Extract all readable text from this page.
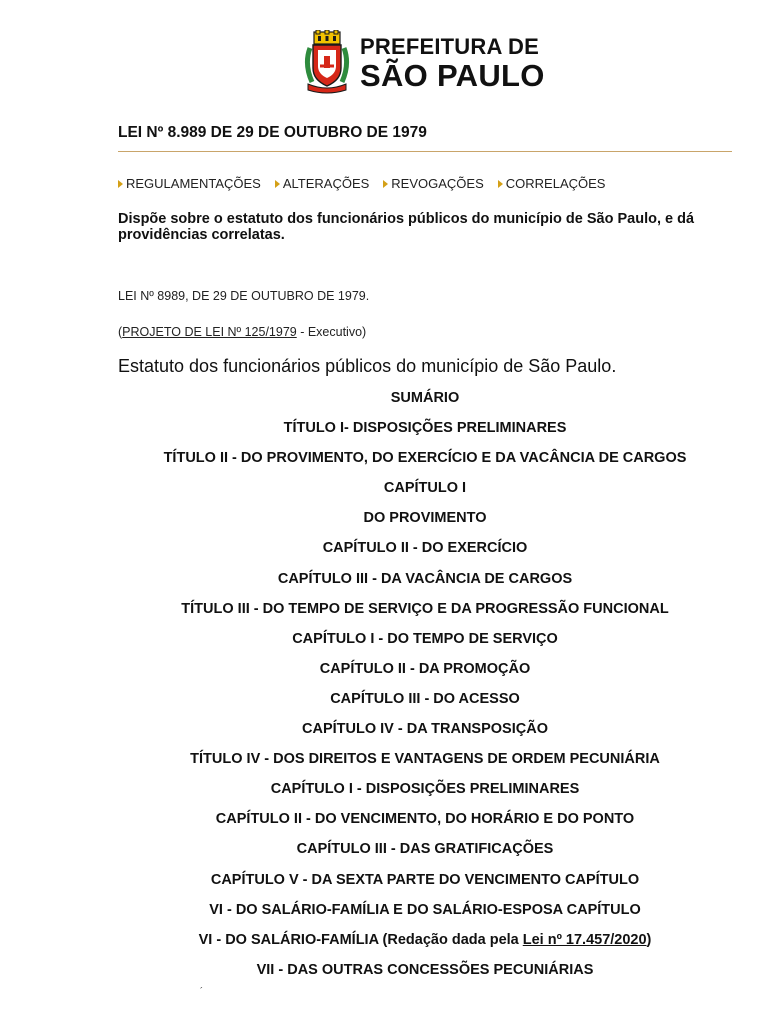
PREFEITURA DE
SÃO PAULO
LEI Nº 8.989 DE 29 DE OUTUBRO DE 1979
REGULAMENTAÇÕES ALTERAÇÕES REVOGAÇÕES CORRELAÇÕES
Dispõe sobre o estatuto dos funcionários públicos do município de São Paulo, e dá providências correlatas.
LEI Nº 8989, DE 29 DE OUTUBRO DE 1979.
(PROJETO DE LEI Nº 125/1979 - Executivo)
Estatuto dos funcionários públicos do município de São Paulo.
SUMÁRIO
TÍTULO I- DISPOSIÇÕES PRELIMINARES
TÍTULO II - DO PROVIMENTO, DO EXERCÍCIO E DA VACÂNCIA DE CARGOS
CAPÍTULO I
DO PROVIMENTO
CAPÍTULO II - DO EXERCÍCIO
CAPÍTULO III - DA VACÂNCIA DE CARGOS
TÍTULO III - DO TEMPO DE SERVIÇO E DA PROGRESSÃO FUNCIONAL
CAPÍTULO I - DO TEMPO DE SERVIÇO
CAPÍTULO II - DA PROMOÇÃO
CAPÍTULO III - DO ACESSO
CAPÍTULO IV - DA TRANSPOSIÇÃO
TÍTULO IV - DOS DIREITOS E VANTAGENS DE ORDEM PECUNIÁRIA
CAPÍTULO I - DISPOSIÇÕES PRELIMINARES
CAPÍTULO II - DO VENCIMENTO, DO HORÁRIO E DO PONTO
CAPÍTULO III - DAS GRATIFICAÇÕES
CAPÍTULO V - DA SEXTA PARTE DO VENCIMENTO CAPÍTULO
VI - DO SALÁRIO-FAMÍLIA E DO SALÁRIO-ESPOSA CAPÍTULO
VI - DO SALÁRIO-FAMÍLIA (Redação dada pela Lei nº 17.457/2020)
VII - DAS OUTRAS CONCESSÕES PECUNIÁRIAS
´
